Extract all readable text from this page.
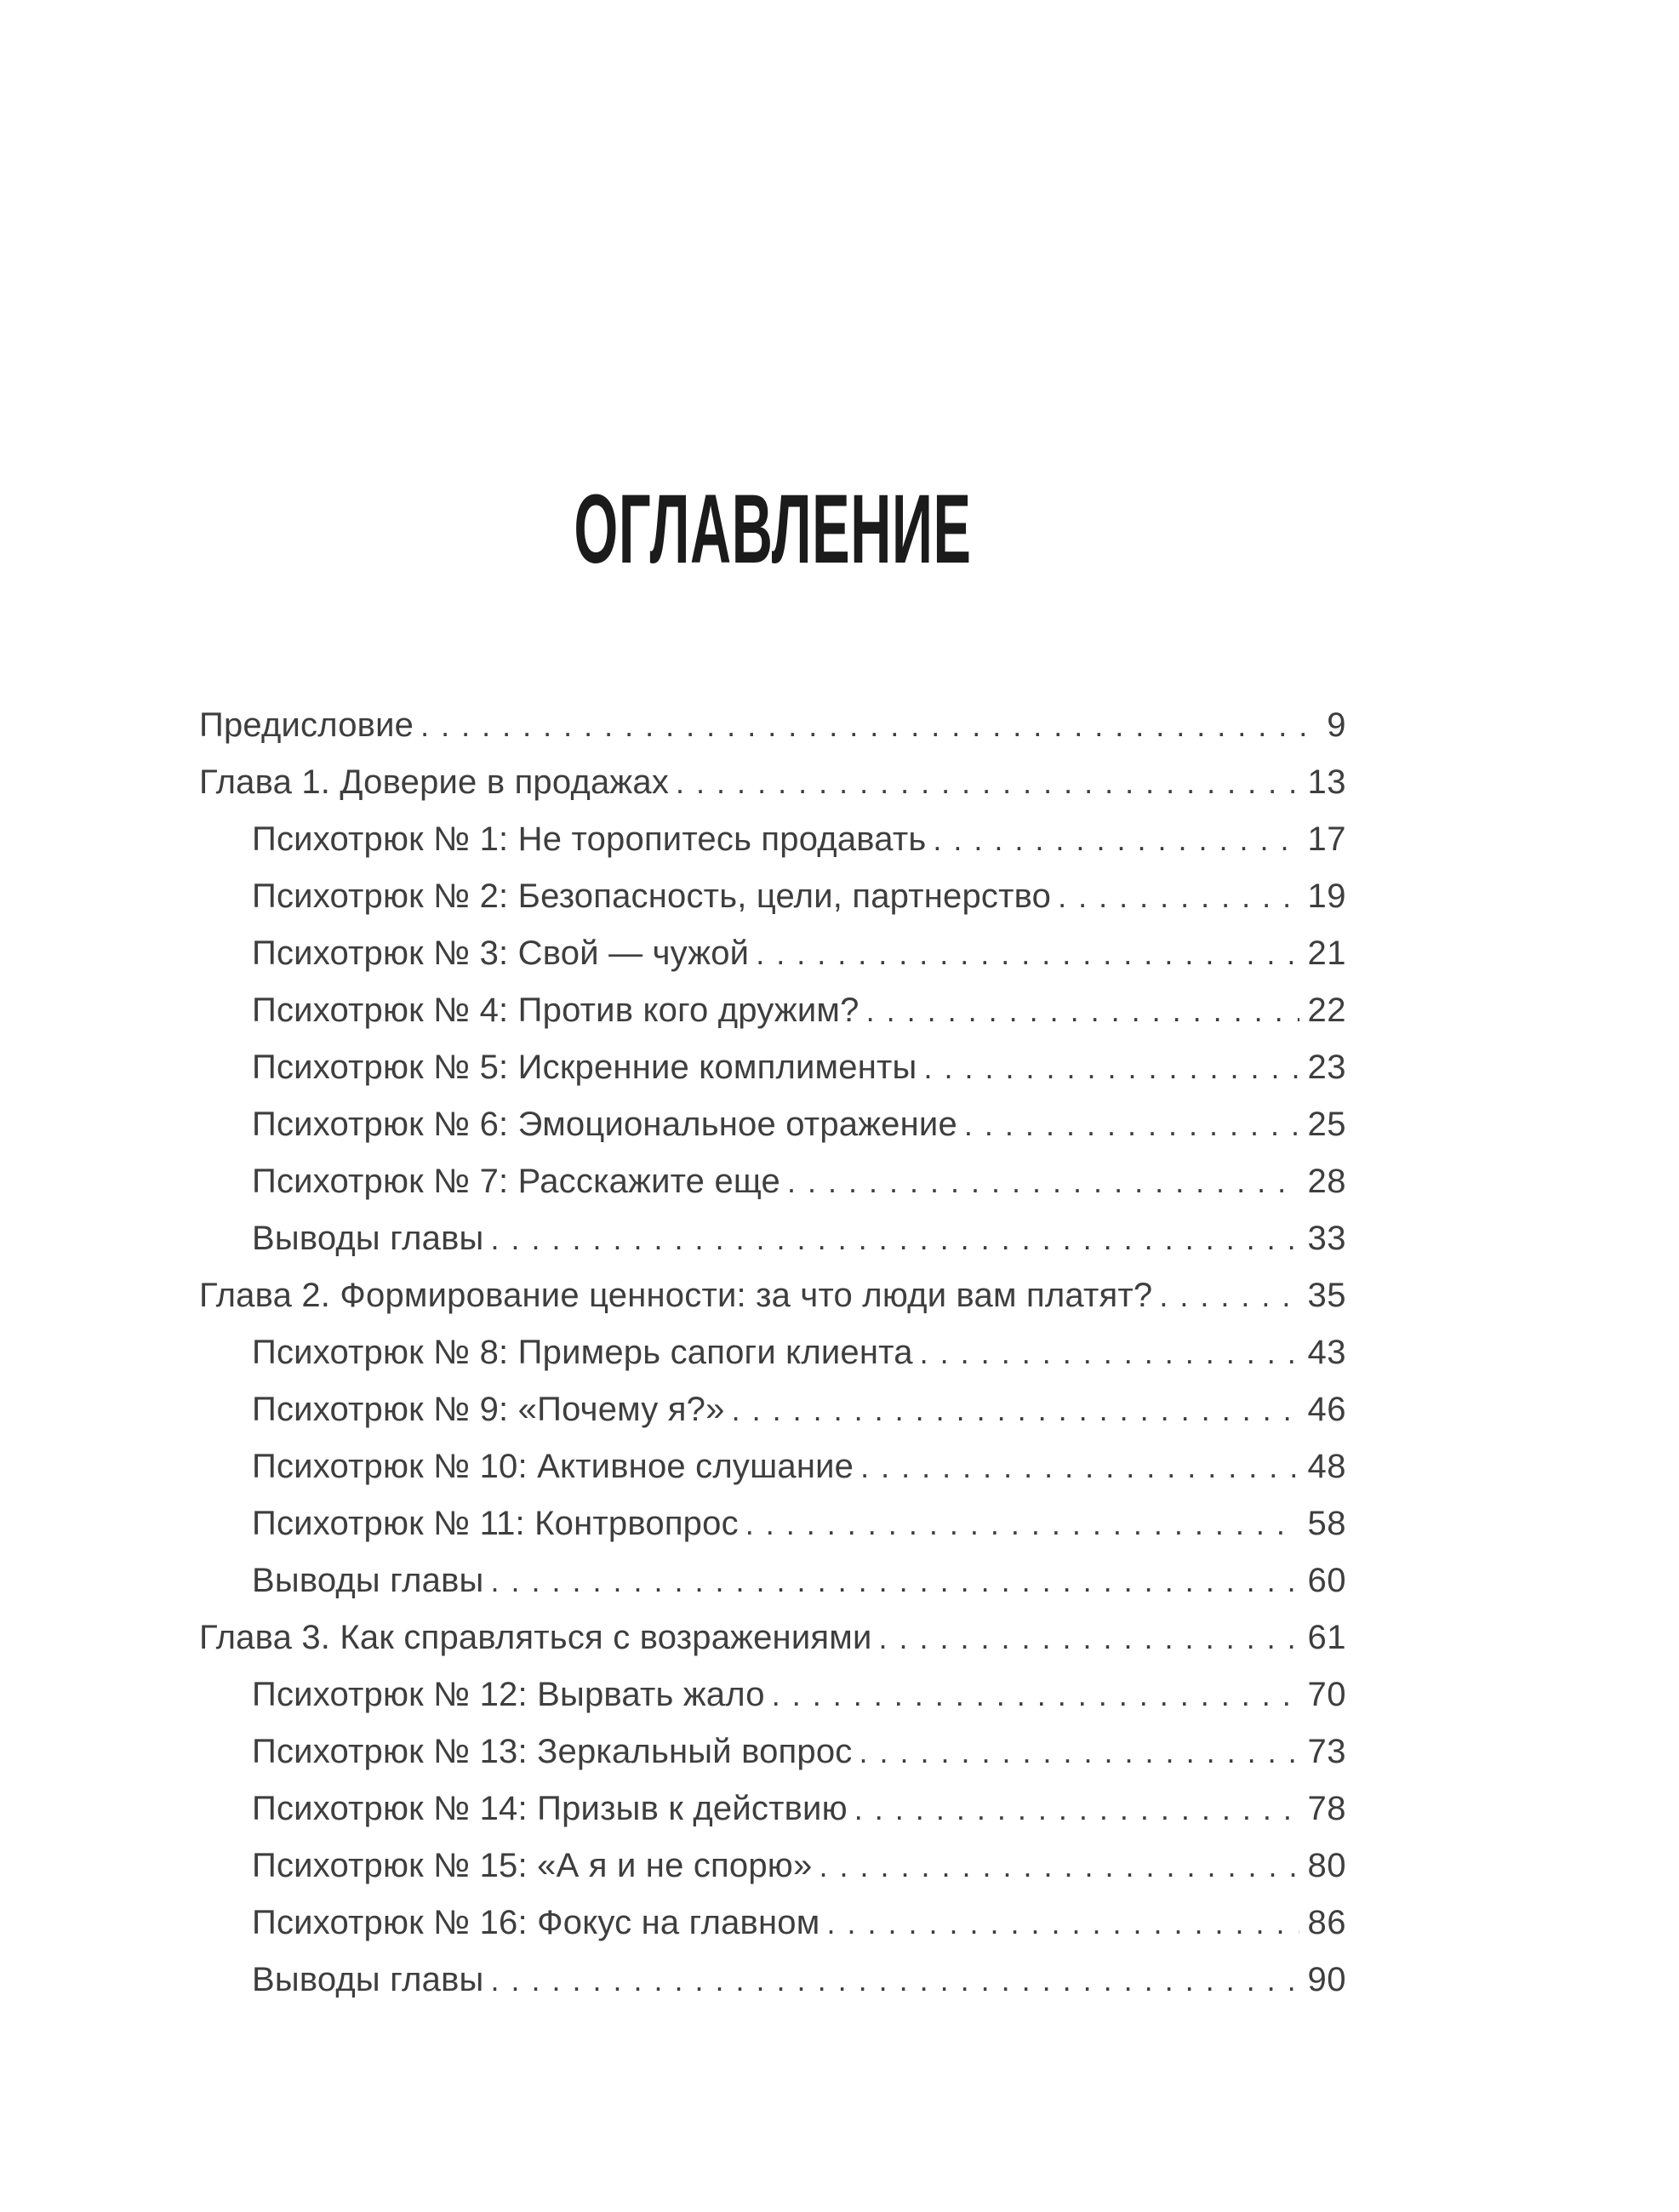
ОГЛАВЛЕНИЕ
Предисловие . . .	9
Глава 1. Доверие в продажах . . .	13
Психотрюк № 1: Не торопитесь продавать . . .	17
Психотрюк № 2: Безопасность, цели, партнерство . . .	19
Психотрюк № 3: Свой — чужой . . .	21
Психотрюк № 4: Против кого дружим? . . .	22
Психотрюк № 5: Искренние комплименты . . .	23
Психотрюк № 6: Эмоциональное отражение . . .	25
Психотрюк № 7: Расскажите еще . . .	28
Выводы главы . . .	33
Глава 2. Формирование ценности: за что люди вам платят? . . .	35
Психотрюк № 8: Примерь сапоги клиента . . .	43
Психотрюк № 9: «Почему я?» . . .	46
Психотрюк № 10: Активное слушание . . .	48
Психотрюк № 11: Контрвопрос . . .	58
Выводы главы . . .	60
Глава 3. Как справляться с возражениями . . .	61
Психотрюк № 12: Вырвать жало . . .	70
Психотрюк № 13: Зеркальный вопрос . . .	73
Психотрюк № 14: Призыв к действию . . .	78
Психотрюк № 15: «А я и не спорю» . . .	80
Психотрюк № 16: Фокус на главном . . .	86
Выводы главы . . .	90
